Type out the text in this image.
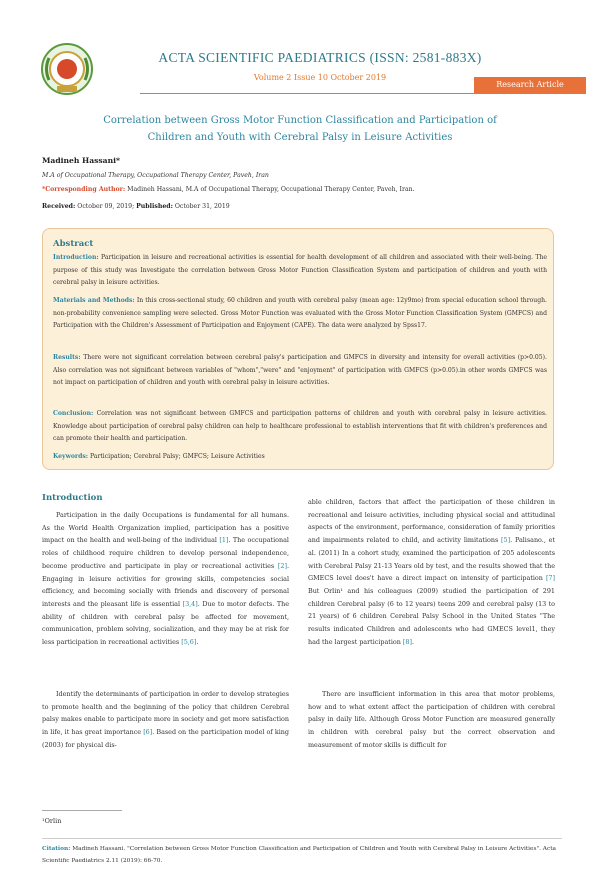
ACTA SCIENTIFIC PAEDIATRICS (ISSN: 2581-883X)
Volume 2 Issue 10 October 2019
Research Article
Correlation between Gross Motor Function Classification and Participation of
Children and Youth with Cerebral Palsy in Leisure Activities
Madineh Hassani*
M.A of Occupational Therapy, Occupational Therapy Center, Paveh, Iran
*Corresponding Author: Madineh Hassani, M.A of Occupational Therapy, Occupational Therapy Center, Paveh, Iran.
Received: October 09, 2019; Published: October 31, 2019
Abstract
Introduction: Participation in leisure and recreational activities is essential for health development of all children and associated with their well-being. The purpose of this study was Investigate the correlation between Gross Motor Function Classification System and participation of children and youth with cerebral palsy in leisure activities.
Materials and Methods: In this cross-sectional study, 60 children and youth with cerebral palsy (mean age: 12y9mo) from special education school through. non-probability convenience sampling were selected. Gross Motor Function was evaluated with the Gross Motor Function Classification System (GMFCS) and Participation with the Children's Assessment of Participation and Enjoyment (CAPE). The data were analyzed by Spss17.
Results: There were not significant correlation between cerebral palsy's participation and GMFCS in diversity and intensity for overall activities (p>0.05). Also correlation was not significant between variables of "whom","were" and "enjoyment" of participation with GMFCS (p>0.05).in other words GMFCS was not impact on participation of children and youth with cerebral palsy in leisure activities.
Conclusion: Correlation was not significant between GMFCS and participation patterns of children and youth with cerebral palsy in leisure activities. Knowledge about participation of cerebral palsy children can help to healthcare professional to establish interventions that fit with children's preferences and can promote their health and participation.
Keywords: Participation; Cerebral Palsy; GMFCS; Leisure Activities
Introduction
Participation in the daily Occupations is fundamental for all humans. As the World Health Organization implied, participation has a positive impact on the health and well-being of the individual [1]. The occupational roles of childhood require children to develop personal independence, become productive and participate in play or recreational activities [2]. Engaging in leisure activities for growing skills, competencies social efficiency, and becoming socially with friends and discovery of personal interests and the pleasant life is essential [3,4]. Due to motor defects. The ability of children with cerebral palsy be affected for movement, communication, problem solving, socialization, and they may be at risk for less participation in recreational activities [5,6].
Identify the determinants of participation in order to develop strategies to promote health and the beginning of the policy that children Cerebral palsy makes enable to participate more in society and get more satisfaction in life, it has great importance [6]. Based on the participation model of king (2003) for physical dis-
able children, factors that affect the participation of these children in recreational and leisure activities, including physical social and attitudinal aspects of the environment, performance, consideration of family priorities and impairments related to child, and activity limitations [5]. Palisano., et al. (2011) In a cohort study, examined the participation of 205 adolescents with Cerebral Palsy 21-13 Years old by test, and the results showed that the GMECS level does't have a direct impact on intensity of participation [7] But Orlin¹ and his colleagues (2009) studied the participation of 291 children Cerebral palsy (6 to 12 years) teens 209 and cerebral palsy (13 to 21 years) of 6 children Cerebral Palsy School in the United States "The results indicated Children and adolescents who had GMECS level1, they had the largest participation [8].
There are insufficient information in this area that motor problems, how and to what extent affect the participation of children with cerebral palsy in daily life. Although Gross Motor Function are measured generally in children with cerebral palsy but the correct observation and measurement of motor skills is difficult for
¹Orlin
Citation: Madineh Hassani. "Correlation between Gross Motor Function Classification and Participation of Children and Youth with Cerebral Palsy in Leisure Activities". Acta Scientific Paediatrics 2.11 (2019): 66-70.
